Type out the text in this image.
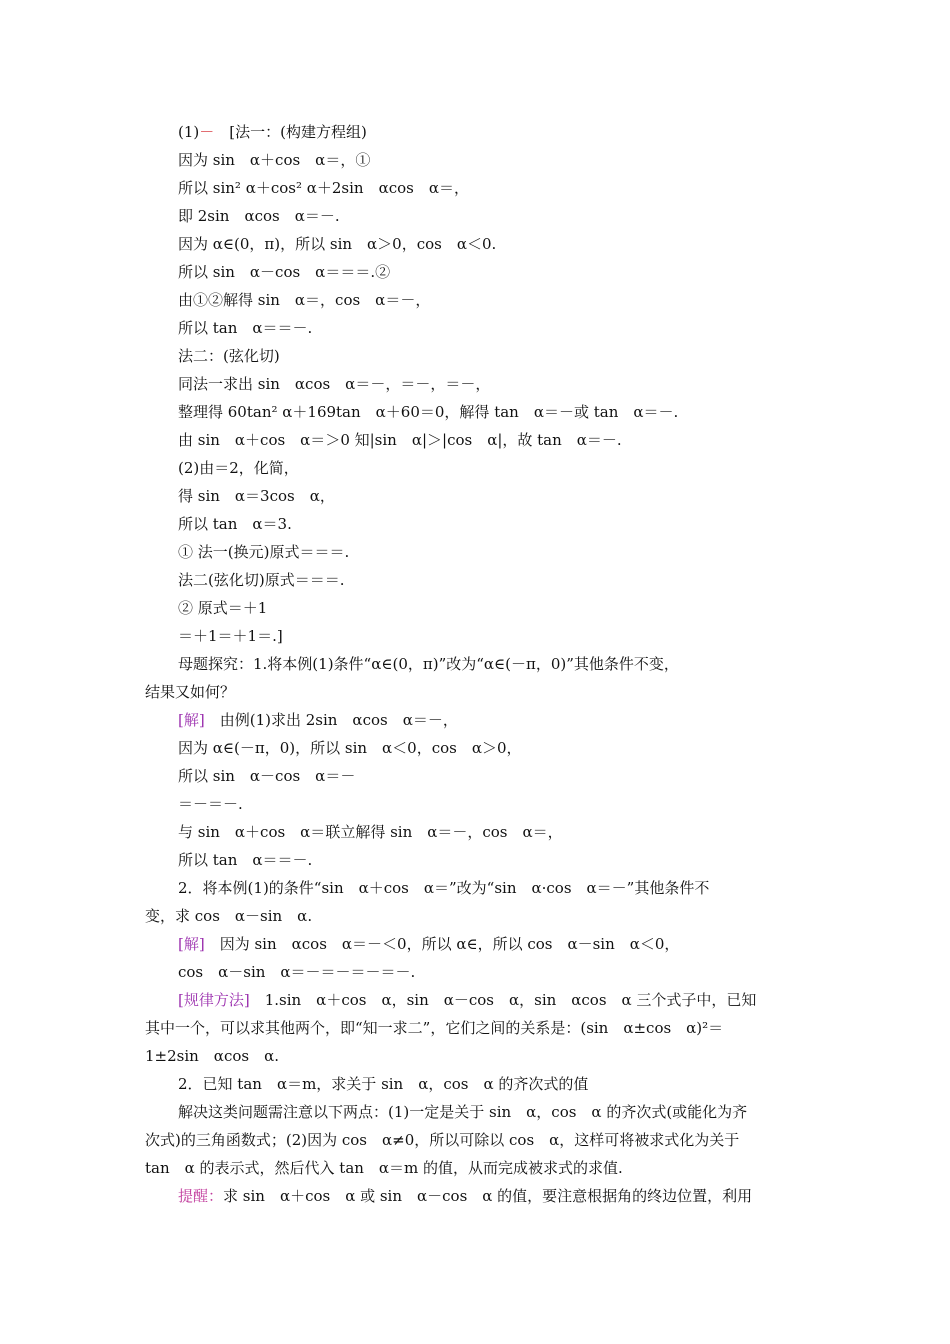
(1)－　[法一：(构建方程组)
因为 sin　α＋cos　α＝，①
所以 sin² α＋cos² α＋2sin　αcos　α＝，
即 2sin　αcos　α＝－.
因为 α∈(0，π)，所以 sin　α＞0，cos　α＜0.
所以 sin　α－cos　α＝＝＝.②
由①②解得 sin　α＝，cos　α＝－，
所以 tan　α＝＝－.
法二：(弦化切)
同法一求出 sin　αcos　α＝－，＝－，＝－，
整理得 60tan² α＋169tan　α＋60＝0，解得 tan　α＝－或 tan　α＝－.
由 sin　α＋cos　α＝＞0 知|sin　α|＞|cos　α|，故 tan　α＝－.
(2)由＝2，化简，
得 sin　α＝3cos　α，
所以 tan　α＝3.
① 法一(换元)原式＝＝＝.
法二(弦化切)原式＝＝＝.
② 原式＝＋1
＝＋1＝＋1＝.]
母题探究：1.将本例(1)条件“α∈(0，π)”改为“α∈(－π，0)”其他条件不变，
结果又如何？
[解]　由例(1)求出 2sin　αcos　α＝－，
因为 α∈(－π，0)，所以 sin　α＜0，cos　α＞0，
所以 sin　α－cos　α＝－
＝－＝－.
与 sin　α＋cos　α＝联立解得 sin　α＝－，cos　α＝，
所以 tan　α＝＝－.
2．将本例(1)的条件“sin　α＋cos　α＝”改为“sin　α·cos　α＝－”其他条件不
变，求 cos　α－sin　α.
[解]　因为 sin　αcos　α＝－＜0，所以 α∈，所以 cos　α－sin　α＜0，
cos　α－sin　α＝－＝－＝－＝－.
[规律方法]　1.sin　α＋cos　α，sin　α－cos　α，sin　αcos　α 三个式子中，已知
其中一个，可以求其他两个，即“知一求二”，它们之间的关系是：(sin　α±cos　α)²＝
1±2sin　αcos　α.
2．已知 tan　α＝m，求关于 sin　α，cos　α 的齐次式的值
解决这类问题需注意以下两点：(1)一定是关于 sin　α，cos　α 的齐次式(或能化为齐
次式)的三角函数式；(2)因为 cos　α≠0，所以可除以 cos　α，这样可将被求式化为关于
tan　α 的表示式，然后代入 tan　α＝m 的值，从而完成被求式的求值.
提醒：求 sin　α＋cos　α 或 sin　α－cos　α 的值，要注意根据角的终边位置，利用
